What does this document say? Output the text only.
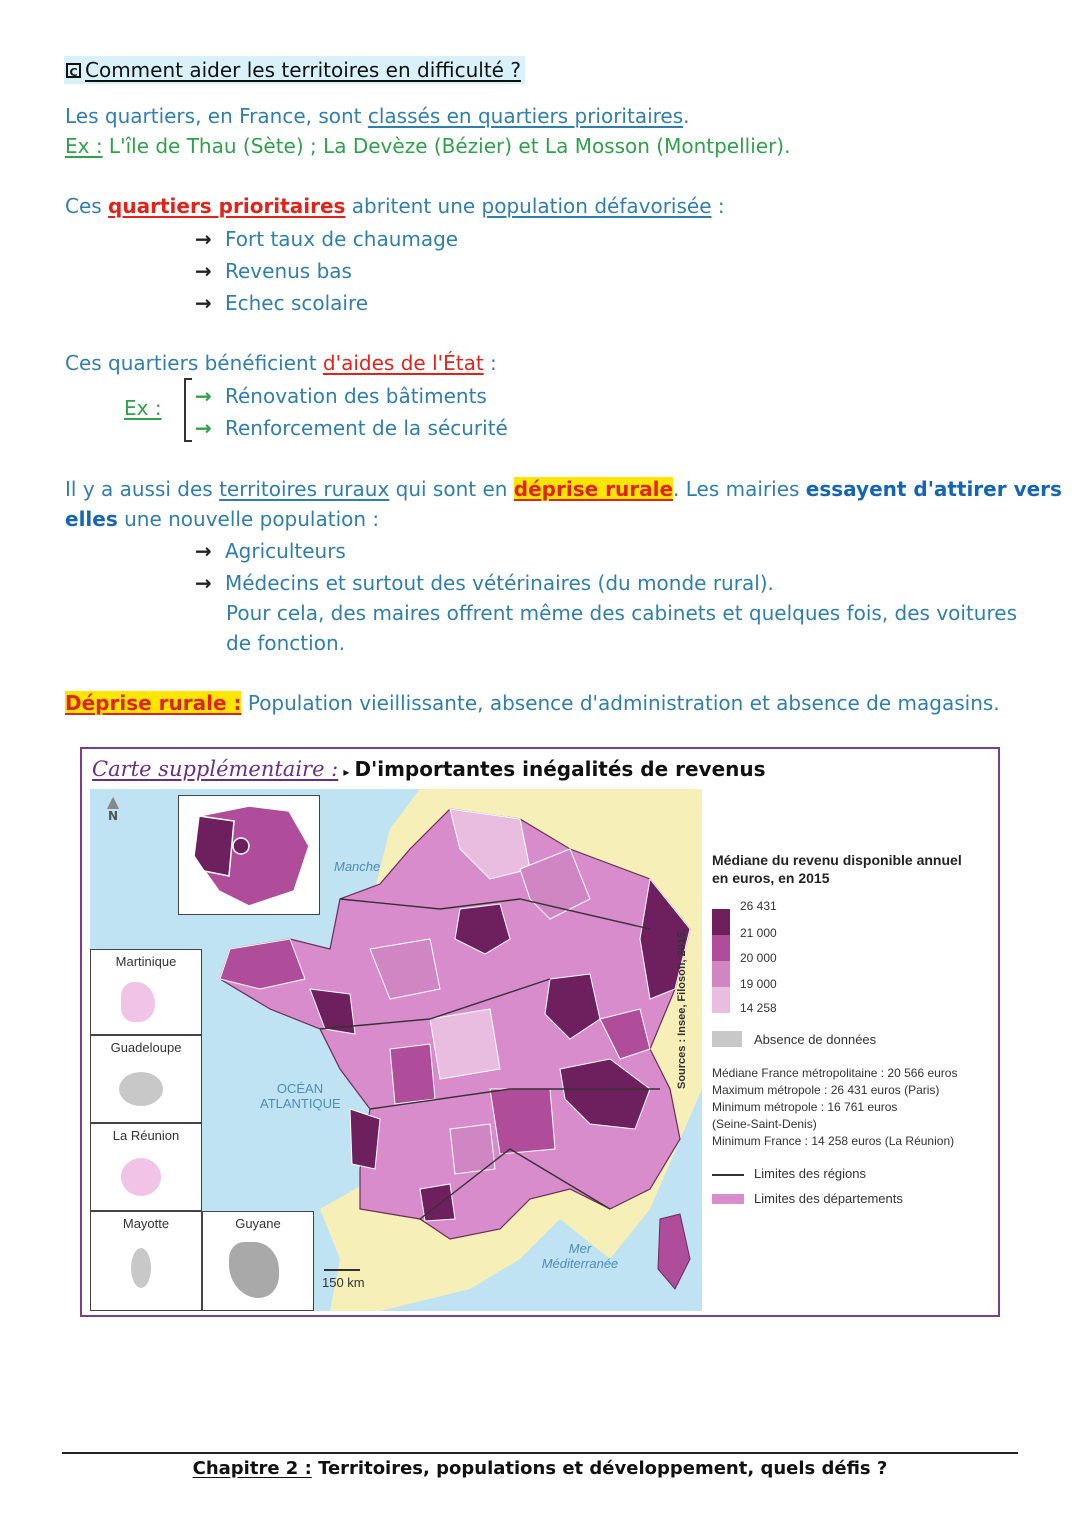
C Comment aider les territoires en difficulté ?
Les quartiers, en France, sont classés en quartiers prioritaires.
Ex : L'île de Thau (Sète) ; La Devèze (Bézier) et La Mosson (Montpellier).
Ces quartiers prioritaires abritent une population défavorisée :
→ Fort taux de chaumage
→ Revenus bas
→ Echec scolaire
Ces quartiers bénéficient d'aides de l'État :
Ex : → Rénovation des bâtiments
→ Renforcement de la sécurité
Il y a aussi des territoires ruraux qui sont en déprise rurale. Les mairies essayent d'attirer vers
elles une nouvelle population :
→ Agriculteurs
→ Médecins et surtout des vétérinaires (du monde rural).
Pour cela, des maires offrent même des cabinets et quelques fois, des voitures
de fonction.
Déprise rurale : Population vieillissante, absence d'administration et absence de magasins.
Carte supplémentaire : ▸ D'importantes inégalités de revenus
▲
N
Martinique
Guadeloupe
La Réunion
Mayotte	Guyane
Manche
OCÉAN
ATLANTIQUE
Mer
Méditerranée
150 km
Sources : Insee, Filosofi, 2015.
Médiane du revenu disponible annuel
en euros, en 2015
26 431
21 000
20 000
19 000
14 258
Absence de données
Médiane France métropolitaine : 20 566 euros
Maximum métropole : 26 431 euros (Paris)
Minimum métropole : 16 761 euros
(Seine-Saint-Denis)
Minimum France : 14 258 euros (La Réunion)
Limites des régions
Limites des départements
Chapitre 2 : Territoires, populations et développement, quels défis ?
